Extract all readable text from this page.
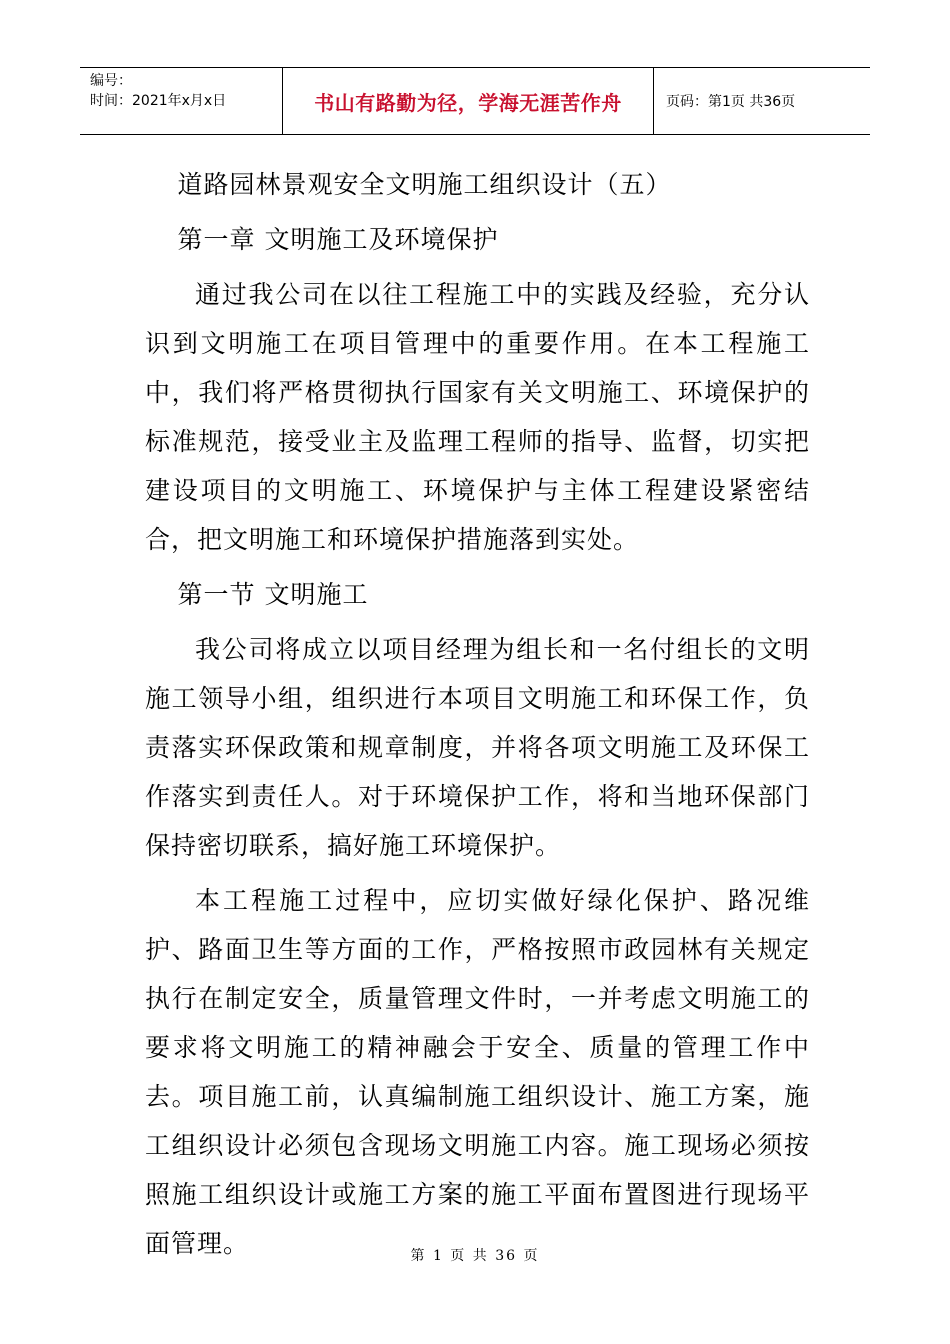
编号：
时间：2021年x月x日	书山有路勤为径，学海无涯苦作舟	页码：第1页 共36页

道路园林景观安全文明施工组织设计（五）

第一章 文明施工及环境保护

通过我公司在以往工程施工中的实践及经验，充分认识到文明施工在项目管理中的重要作用。在本工程施工中，我们将严格贯彻执行国家有关文明施工、环境保护的标准规范，接受业主及监理工程师的指导、监督，切实把建设项目的文明施工、环境保护与主体工程建设紧密结合，把文明施工和环境保护措施落到实处。

第一节 文明施工

我公司将成立以项目经理为组长和一名付组长的文明施工领导小组，组织进行本项目文明施工和环保工作，负责落实环保政策和规章制度，并将各项文明施工及环保工作落实到责任人。对于环境保护工作，将和当地环保部门保持密切联系，搞好施工环境保护。

本工程施工过程中，应切实做好绿化保护、路况维护、路面卫生等方面的工作，严格按照市政园林有关规定执行在制定安全，质量管理文件时，一并考虑文明施工的要求将文明施工的精神融会于安全、质量的管理工作中去。项目施工前，认真编制施工组织设计、施工方案，施工组织设计必须包含现场文明施工内容。施工现场必须按照施工组织设计或施工方案的施工平面布置图进行现场平面管理。	第 1 页 共 36 页
